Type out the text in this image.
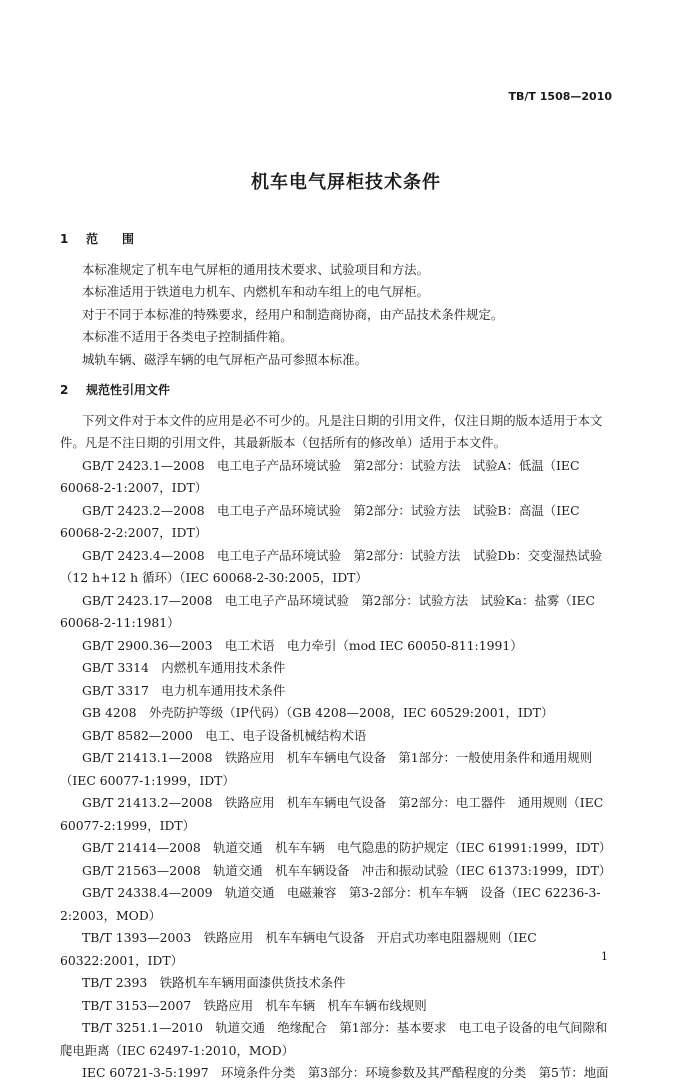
TB/T 1508—2010
机车电气屏柜技术条件
1 范　　围

本标准规定了机车电气屏柜的通用技术要求、试验项目和方法。

本标准适用于铁道电力机车、内燃机车和动车组上的电气屏柜。

对于不同于本标准的特殊要求，经用户和制造商协商，由产品技术条件规定。

本标准不适用于各类电子控制插件箱。

城轨车辆、磁浮车辆的电气屏柜产品可参照本标准。

2 规范性引用文件

下列文件对于本文件的应用是必不可少的。凡是注日期的引用文件，仅注日期的版本适用于本文件。凡是不注日期的引用文件，其最新版本（包括所有的修改单）适用于本文件。

GB/T 2423.1—2008　电工电子产品环境试验　第2部分：试验方法　试验A：低温（IEC 60068-2-1:2007，IDT）

GB/T 2423.2—2008　电工电子产品环境试验　第2部分：试验方法　试验B：高温（IEC 60068-2-2:2007，IDT）

GB/T 2423.4—2008　电工电子产品环境试验　第2部分：试验方法　试验Db：交变湿热试验（12 h+12 h 循环）（IEC 60068-2-30:2005，IDT）

GB/T 2423.17—2008　电工电子产品环境试验　第2部分：试验方法　试验Ka：盐雾（IEC 60068-2-11:1981）

GB/T 2900.36—2003　电工术语　电力牵引（mod IEC 60050-811:1991）

GB/T 3314　内燃机车通用技术条件

GB/T 3317　电力机车通用技术条件

GB 4208　外壳防护等级（IP代码）（GB 4208—2008，IEC 60529:2001，IDT）

GB/T 8582—2000　电工、电子设备机械结构术语

GB/T 21413.1—2008　铁路应用　机车车辆电气设备　第1部分：一般使用条件和通用规则（IEC 60077-1:1999，IDT）

GB/T 21413.2—2008　铁路应用　机车车辆电气设备　第2部分：电工器件　通用规则（IEC 60077-2:1999，IDT）

GB/T 21414—2008　轨道交通　机车车辆　电气隐患的防护规定（IEC 61991:1999，IDT）

GB/T 21563—2008　轨道交通　机车车辆设备　冲击和振动试验（IEC 61373:1999，IDT）

GB/T 24338.4—2009　轨道交通　电磁兼容　第3-2部分：机车车辆　设备（IEC 62236-3-2:2003，MOD）

TB/T 1393—2003　铁路应用　机车车辆电气设备　开启式功率电阻器规则（IEC 60322:2001，IDT）

TB/T 2393　铁路机车车辆用面漆供货技术条件

TB/T 3153—2007　铁路应用　机车车辆　机车车辆布线规则

TB/T 3251.1—2010　轨道交通　绝缘配合　第1部分：基本要求　电工电子设备的电气间隙和爬电距离（IEC 62497-1:2010，MOD）

IEC 60721-3-5:1997　环境条件分类　第3部分：环境参数及其严酷程度的分类　第5节：地面

1
